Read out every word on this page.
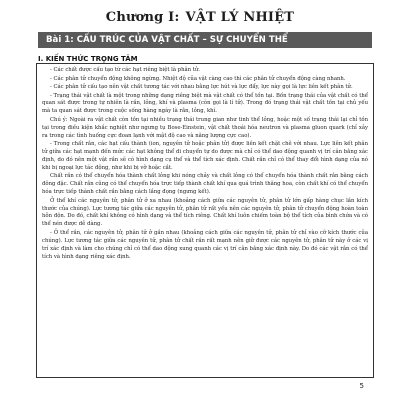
Chương I: VẬT LÝ NHIỆT
Bài 1: CẤU TRÚC CỦA VẬT CHẤT – SỰ CHUYỂN THỂ
I. KIẾN THỨC TRỌNG TÂM

- Các chất được cấu tạo từ các hạt riêng biệt là phân tử.

- Các phân tử chuyển động không ngừng. Nhiệt độ của vật càng cao thì các phân tử chuyển động càng nhanh.

- Các phân tử cấu tạo nên vật chất tương tác với nhau bằng lực hút và lực đẩy, lực này gọi là lực liên kết phân tử.

- Trạng thái vật chất là một trong những dạng riêng biệt mà vật chất có thể tồn tại. Bốn trạng thái của vật chất có thể quan sát được trong tự nhiên là rắn, lỏng, khí và plasma (còn gọi là lí tử). Trong đó trạng thái vật chất tồn tại chủ yếu mà ta quan sát được trong cuộc sống hàng ngày là rắn, lỏng, khí.

Chú ý: Ngoài ra vật chất còn tồn tại nhiều trạng thái trung gian như tinh thể lỏng, hoặc một số trạng thái lại chỉ tồn tại trong điều kiện khắc nghiệt như ngưng tụ Bose-Einstein, vật chất thoái hóa neutron và plasma gluon quark (chỉ xảy ra trong các tình huống cực đoan lạnh với mật độ cao và năng lượng cực cao).

- Trong chất rắn, các hạt cấu thành (ion, nguyên tử hoặc phân tử) được liên kết chặt chẽ với nhau. Lực liên kết phân tử giữa các hạt mạnh đến mức các hạt không thể di chuyển tự do được mà chỉ có thể dao động quanh vị trí cân bằng xác định, do đó nên một vật rắn sẽ có hình dạng cụ thể và thể tích xác định. Chất rắn chỉ có thể thay đổi hình dạng của nó khi bị ngoại lực tác động, như khi bị vỡ hoặc cắt.

Chất rắn có thể chuyển hóa thành chất lỏng khi nóng chảy và chất lỏng có thể chuyển hóa thành chất rắn bằng cách đông đặc. Chất rắn cũng có thể chuyển hóa trực tiếp thành chất khí qua quá trình thăng hoa, còn chất khí có thể chuyển hóa trực tiếp thành chất rắn bằng cách lắng đọng (ngưng kết).

Ở thể khí các nguyên tử, phân tử ở xa nhau (khoảng cách giữa các nguyên tử, phân tử lớn gấp hàng chục lần kích thước của chúng). Lực tương tác giữa các nguyên tử, phân tử rất yếu nên các nguyên tử, phân tử chuyển động hoàn toàn hỗn độn. Do đó, chất khí không có hình dạng và thể tích riêng. Chất khí luôn chiếm toàn bộ thể tích của bình chứa và có thể nén được dễ dàng.

- Ở thể rắn, các nguyên tử, phân tử ở gần nhau (khoảng cách giữa các nguyên tử, phân tử chỉ vào cỡ kích thước của chúng). Lực tương tác giữa các nguyên tử, phân tử chất rắn rất mạnh nên giữ được các nguyên tử, phân tử này ở các vị trí xác định và làm cho chúng chỉ có thể dao động xung quanh các vị trí cân bằng xác định này. Do đó các vật rắn có thể tích và hình dạng riêng xác định.

5
